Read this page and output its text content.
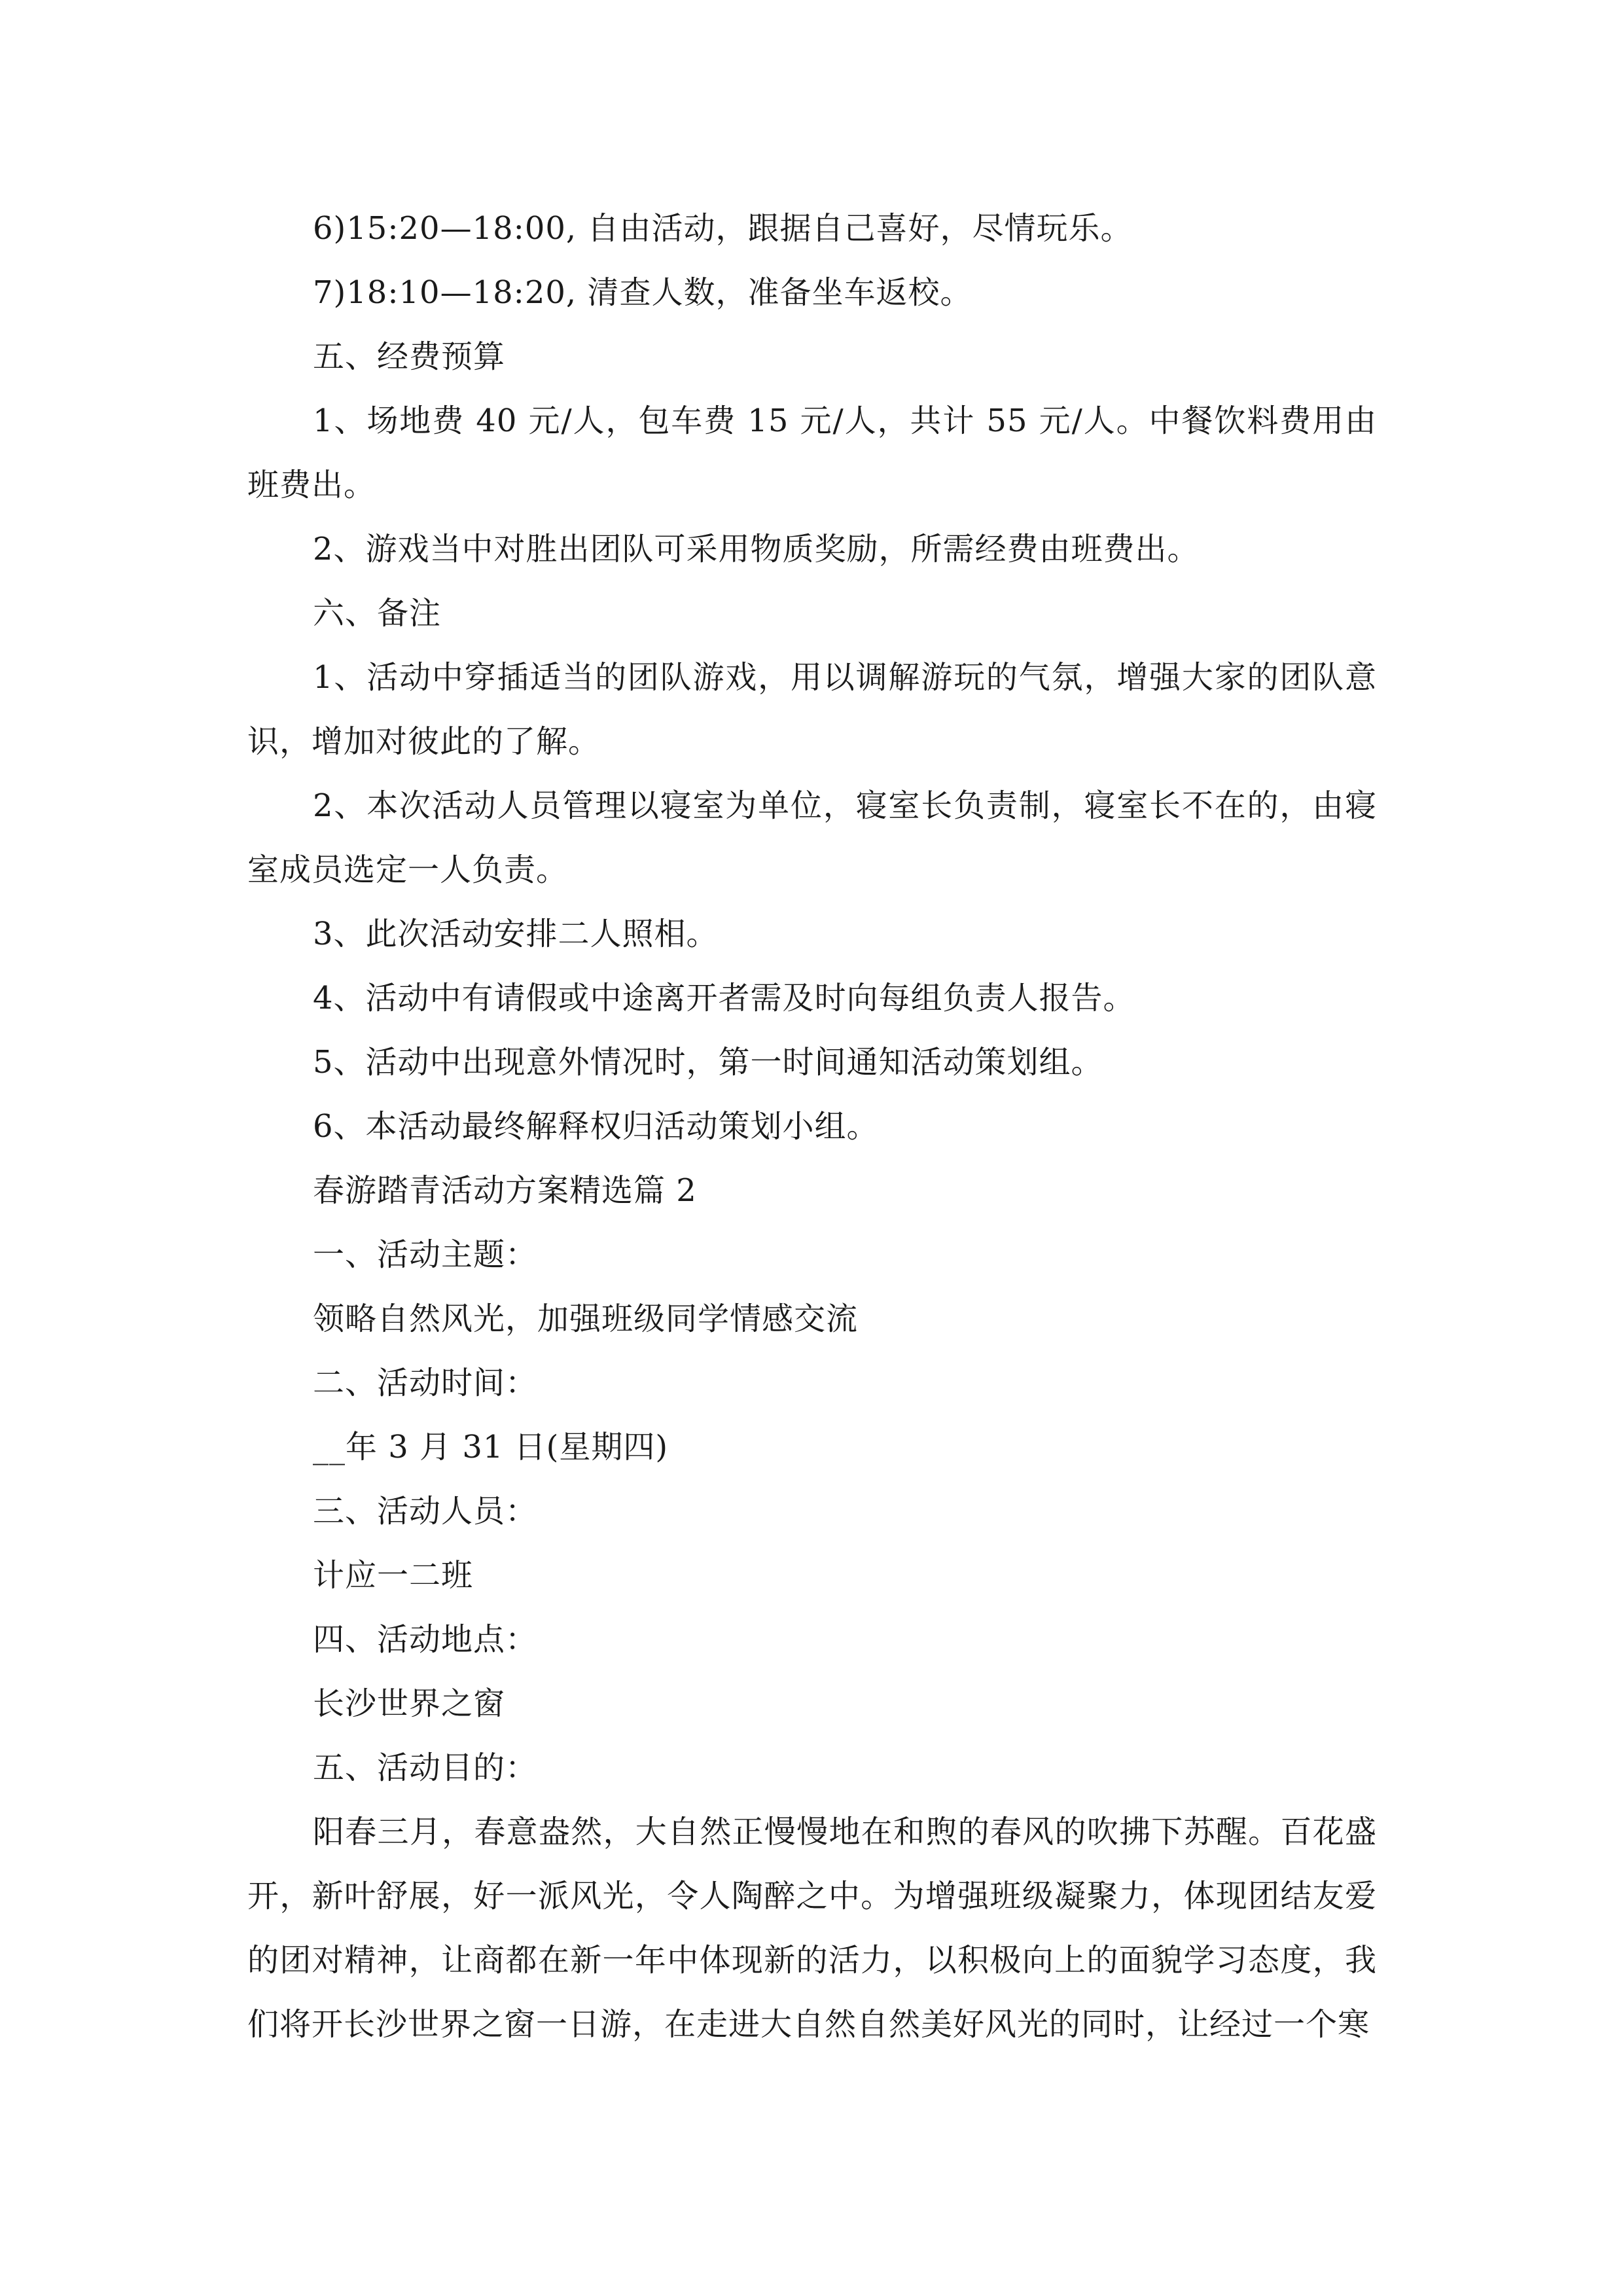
6)15:20—18:00, 自由活动，跟据自己喜好，尽情玩乐。

7)18:10—18:20, 清查人数，准备坐车返校。

五、经费预算

1、场地费 40 元/人，包车费 15 元/人，共计 55 元/人。中餐饮料费用由班费出。

2、游戏当中对胜出团队可采用物质奖励，所需经费由班费出。

六、备注

1、活动中穿插适当的团队游戏，用以调解游玩的气氛，增强大家的团队意识，增加对彼此的了解。

2、本次活动人员管理以寝室为单位，寝室长负责制，寝室长不在的，由寝室成员选定一人负责。

3、此次活动安排二人照相。

4、活动中有请假或中途离开者需及时向每组负责人报告。

5、活动中出现意外情况时，第一时间通知活动策划组。

6、本活动最终解释权归活动策划小组。

春游踏青活动方案精选篇 2

一、活动主题：

领略自然风光，加强班级同学情感交流

二、活动时间：

__年 3 月 31 日(星期四)

三、活动人员：

计应一二班

四、活动地点：

长沙世界之窗

五、活动目的：

阳春三月，春意盎然，大自然正慢慢地在和煦的春风的吹拂下苏醒。百花盛开，新叶舒展，好一派风光，令人陶醉之中。为增强班级凝聚力，体现团结友爱的团对精神，让商都在新一年中体现新的活力，以积极向上的面貌学习态度，我们将开长沙世界之窗一日游，在走进大自然自然美好风光的同时，让经过一个寒
